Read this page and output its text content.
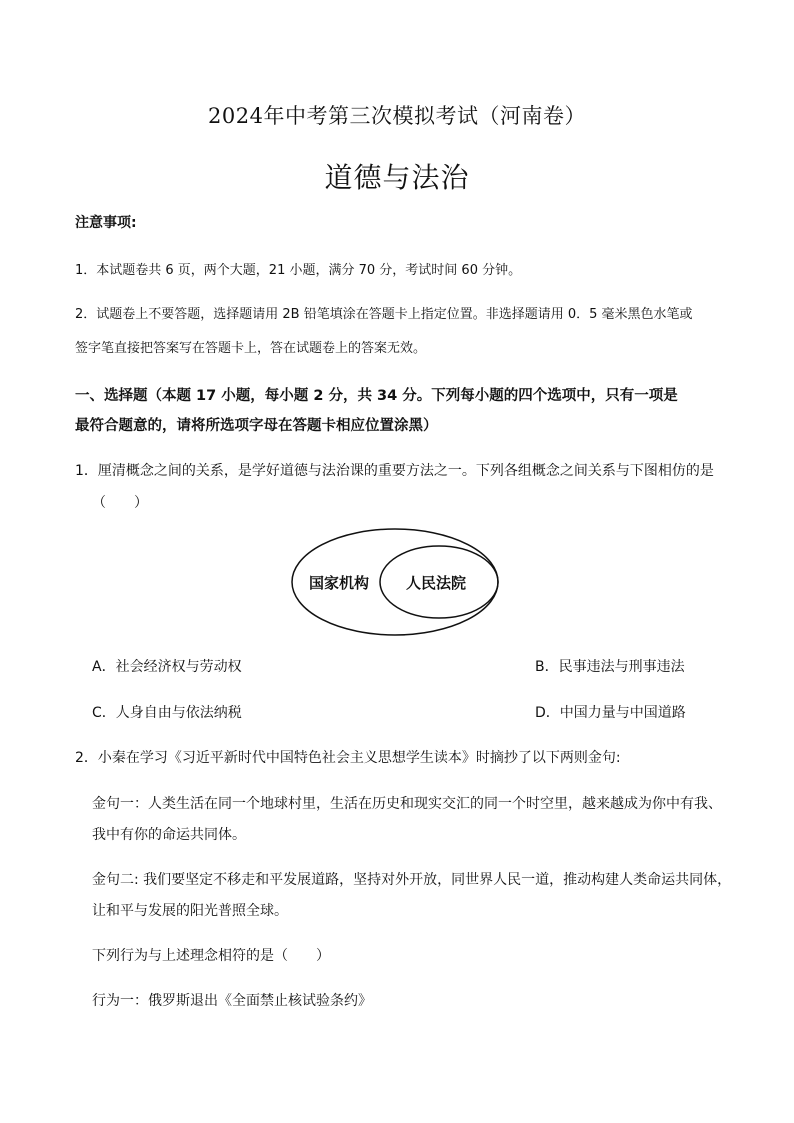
2024年中考第三次模拟考试（河南卷）
道德与法治
注意事项:
1．本试题卷共 6 页，两个大题，21 小题，满分 70 分，考试时间 60 分钟。
2．试题卷上不要答题，选择题请用 2B 铅笔填涂在答题卡上指定位置。非选择题请用 0．5 毫米黑色水笔或
签字笔直接把答案写在答题卡上，答在试题卷上的答案无效。
一、选择题（本题 17 小题，每小题 2 分，共 34 分。下列每小题的四个选项中，只有一项是
最符合题意的，请将所选项字母在答题卡相应位置涂黑）
1．厘清概念之间的关系，是学好道德与法治课的重要方法之一。下列各组概念之间关系与下图相仿的是
（　　）
国家机构 人民法院
A．社会经济权与劳动权	B．民事违法与刑事违法
C．人身自由与依法纳税	D．中国力量与中国道路
2．小秦在学习《习近平新时代中国特色社会主义思想学生读本》时摘抄了以下两则金句:
金句一：人类生活在同一个地球村里，生活在历史和现实交汇的同一个时空里，越来越成为你中有我、
我中有你的命运共同体。
金句二: 我们要坚定不移走和平发展道路，坚持对外开放，同世界人民一道，推动构建人类命运共同体，
让和平与发展的阳光普照全球。
下列行为与上述理念相符的是（　　）
行为一：俄罗斯退出《全面禁止核试验条约》
